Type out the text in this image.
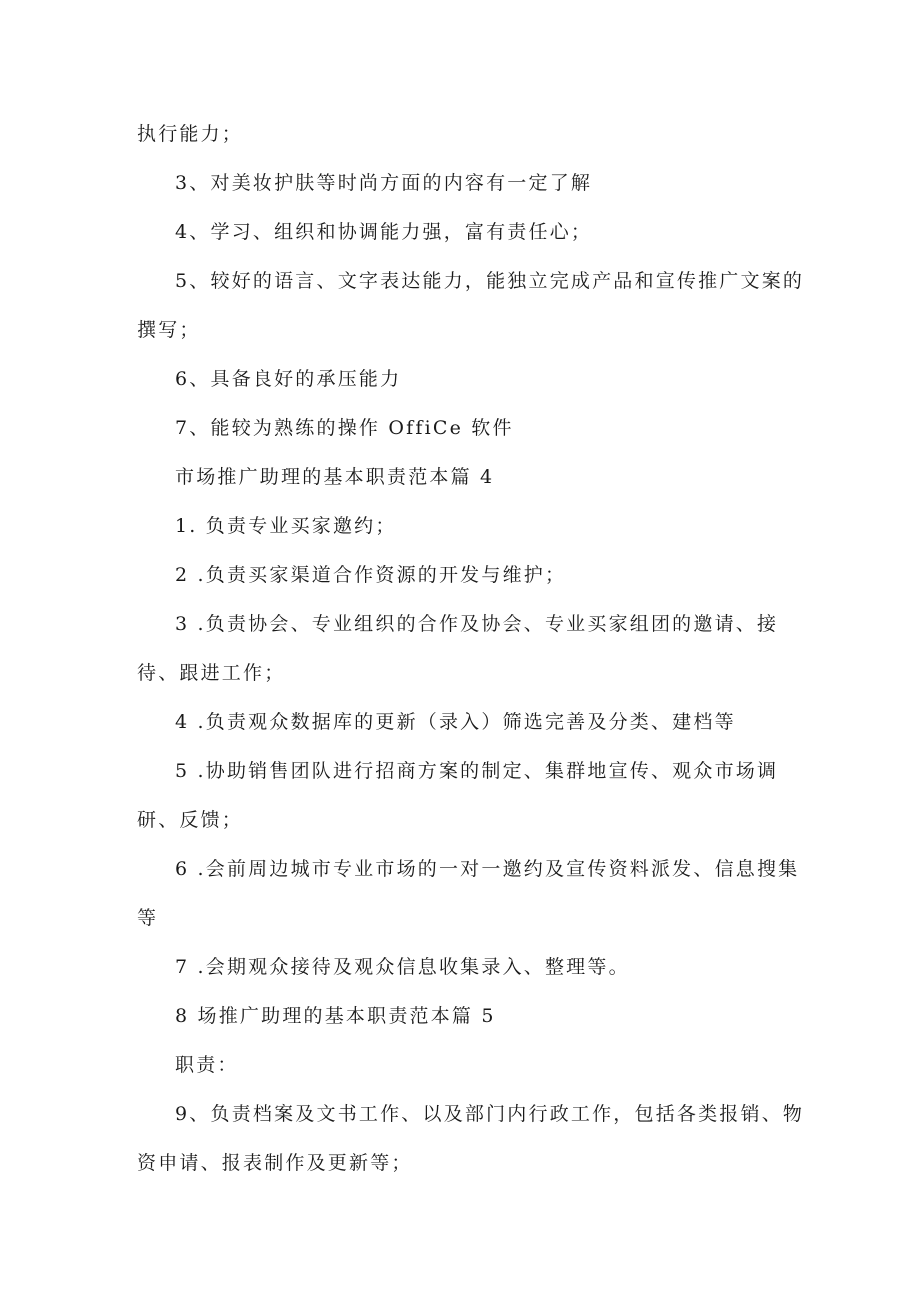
执行能力；
3、对美妆护肤等时尚方面的内容有一定了解
4、学习、组织和协调能力强，富有责任心；
5、较好的语言、文字表达能力，能独立完成产品和宣传推广文案的
撰写；
6、具备良好的承压能力
7、能较为熟练的操作 OffiCe 软件
市场推广助理的基本职责范本篇 4
1. 负责专业买家邀约；
2 .负责买家渠道合作资源的开发与维护；
3 .负责协会、专业组织的合作及协会、专业买家组团的邀请、接
待、跟进工作；
4 .负责观众数据库的更新（录入）筛选完善及分类、建档等
5 .协助销售团队进行招商方案的制定、集群地宣传、观众市场调
研、反馈；
6 .会前周边城市专业市场的一对一邀约及宣传资料派发、信息搜集
等
7 .会期观众接待及观众信息收集录入、整理等。
8 场推广助理的基本职责范本篇 5
职责：
9、负责档案及文书工作、以及部门内行政工作，包括各类报销、物
资申请、报表制作及更新等；
